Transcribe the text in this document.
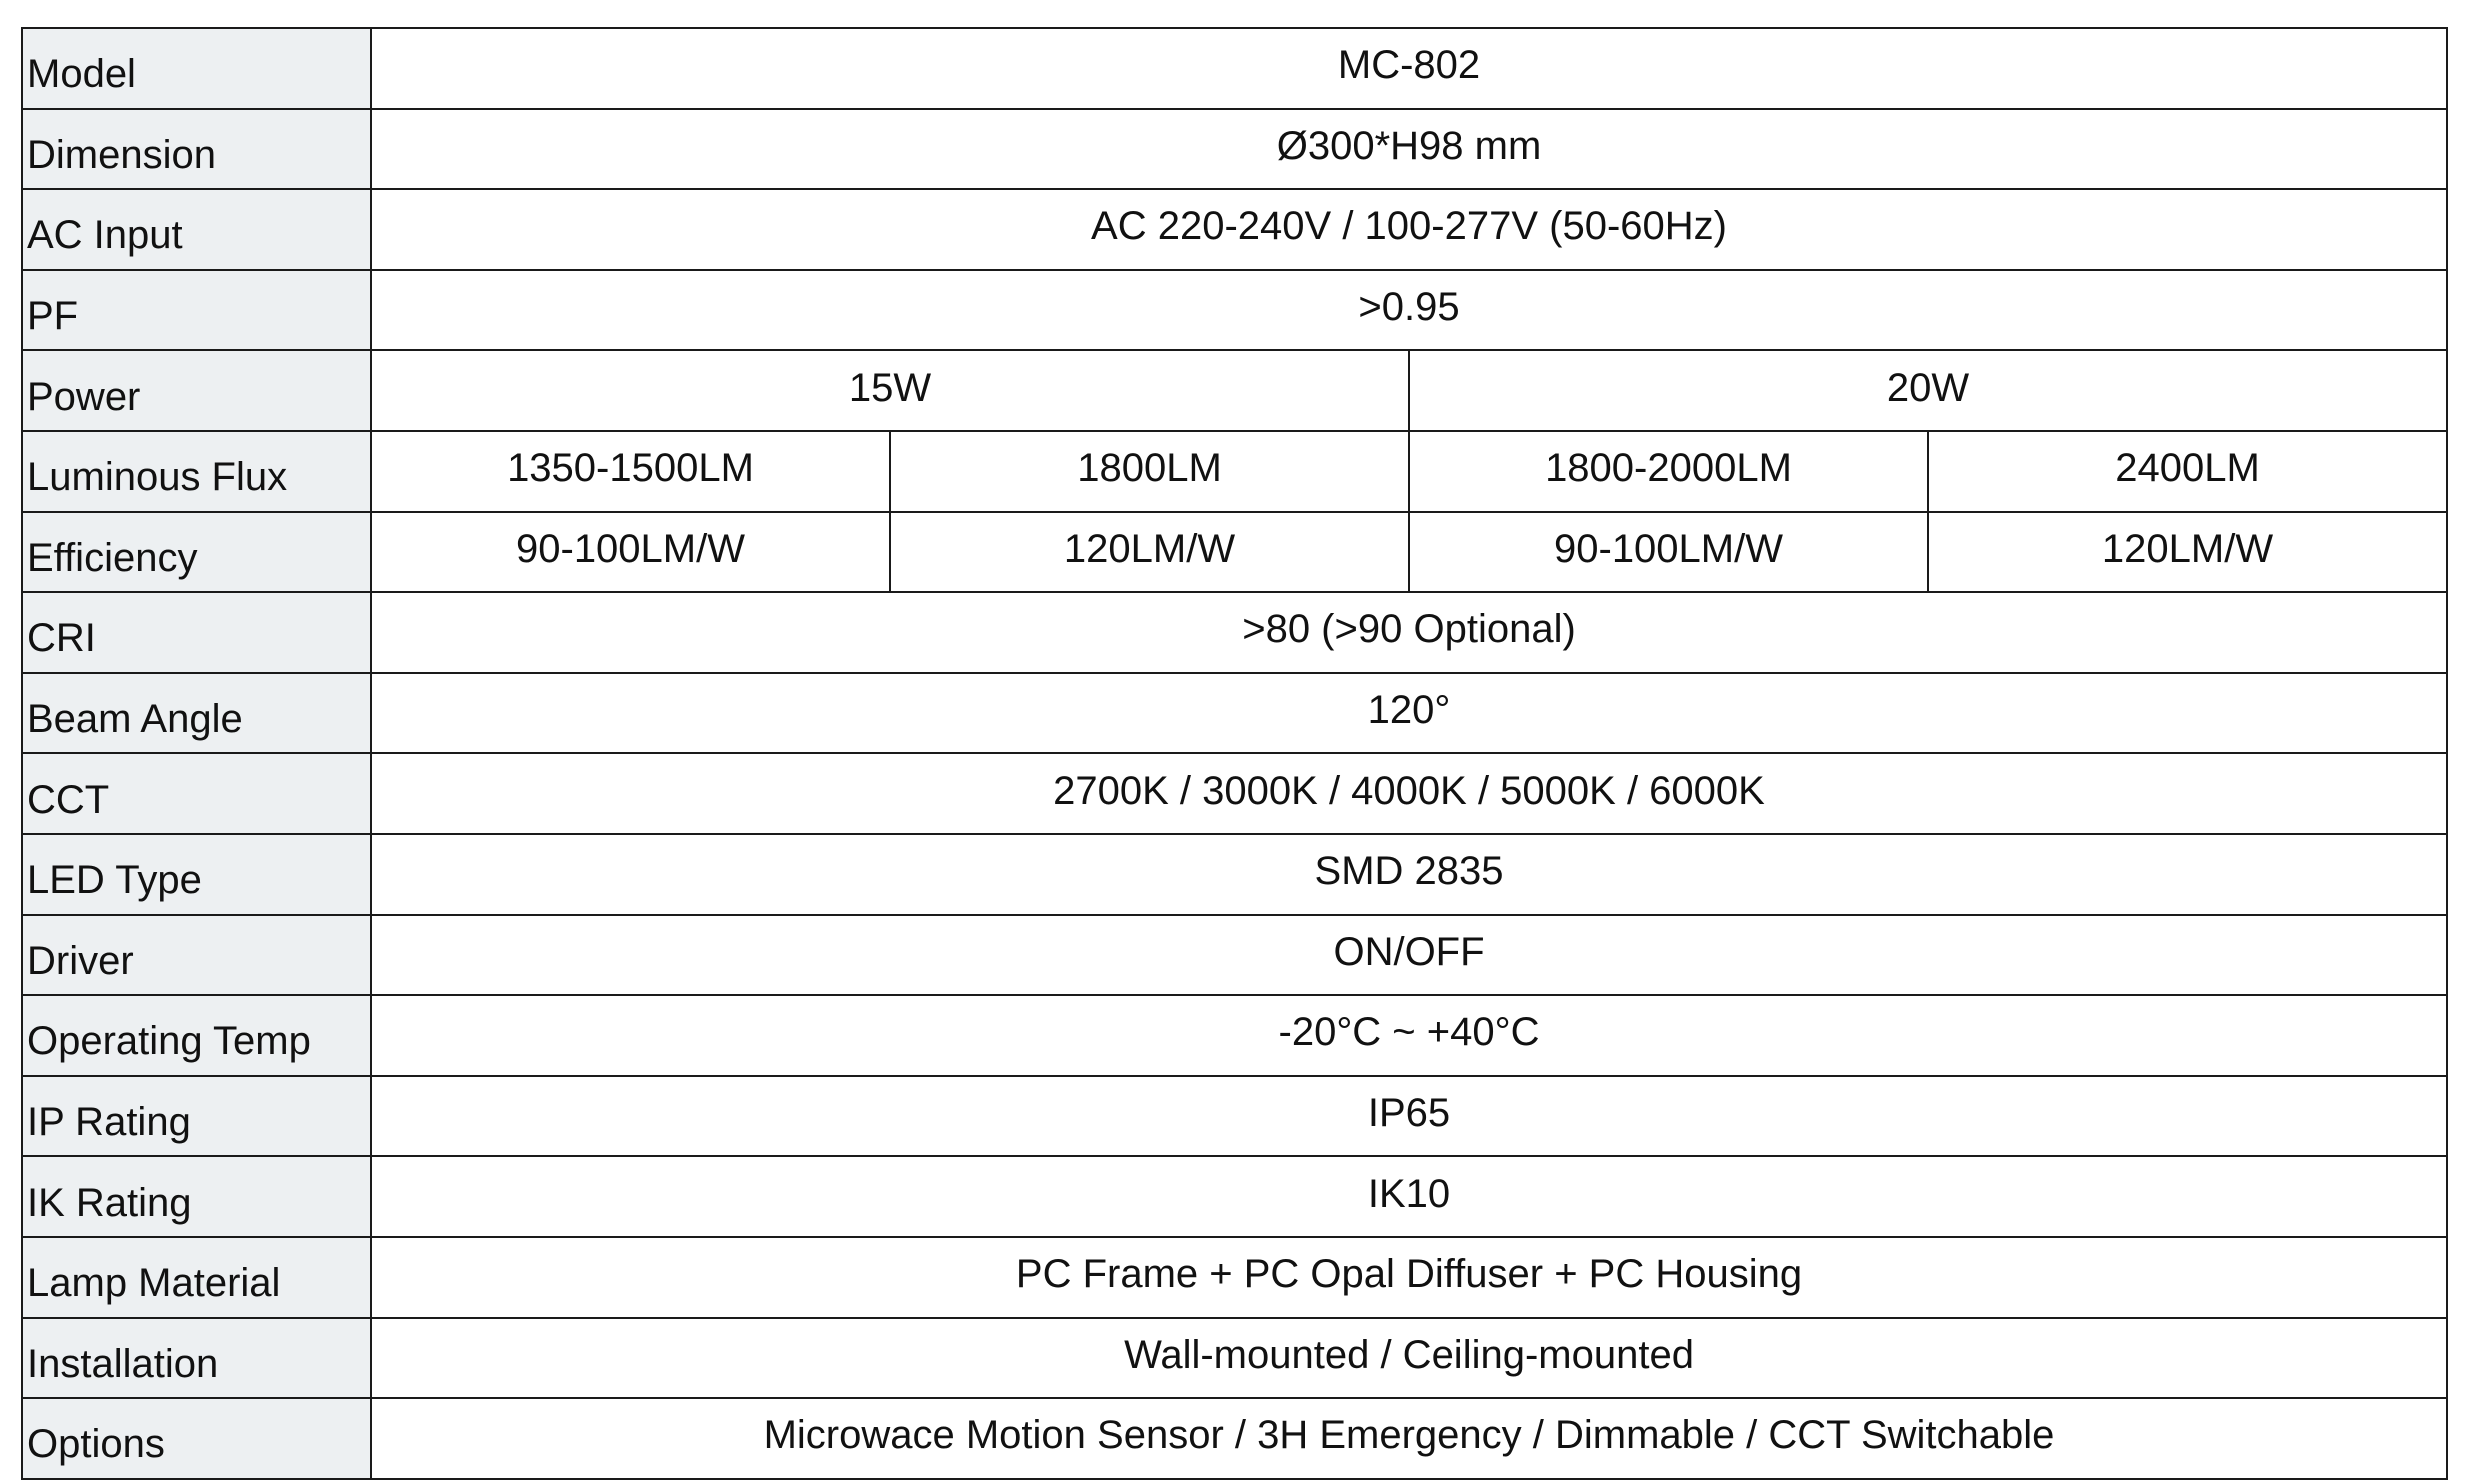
Model	MC-802			
Dimension	Ø300*H98 mm			
AC Input	AC 220-240V / 100-277V (50-60Hz)			
PF	>0.95			
Power	15W		20W	
Luminous Flux	1350-1500LM	1800LM	1800-2000LM	2400LM
Efficiency	90-100LM/W	120LM/W	90-100LM/W	120LM/W
CRI	>80 (>90 Optional)			
Beam Angle	120°			
CCT	2700K / 3000K / 4000K / 5000K / 6000K			
LED Type	SMD 2835			
Driver	ON/OFF			
Operating Temp	-20°C ~ +40°C			
IP Rating	IP65			
IK Rating	IK10			
Lamp Material	PC Frame + PC Opal Diffuser + PC Housing			
Installation	Wall-mounted / Ceiling-mounted			
Options	Microwace Motion Sensor / 3H Emergency / Dimmable / CCT Switchable			
